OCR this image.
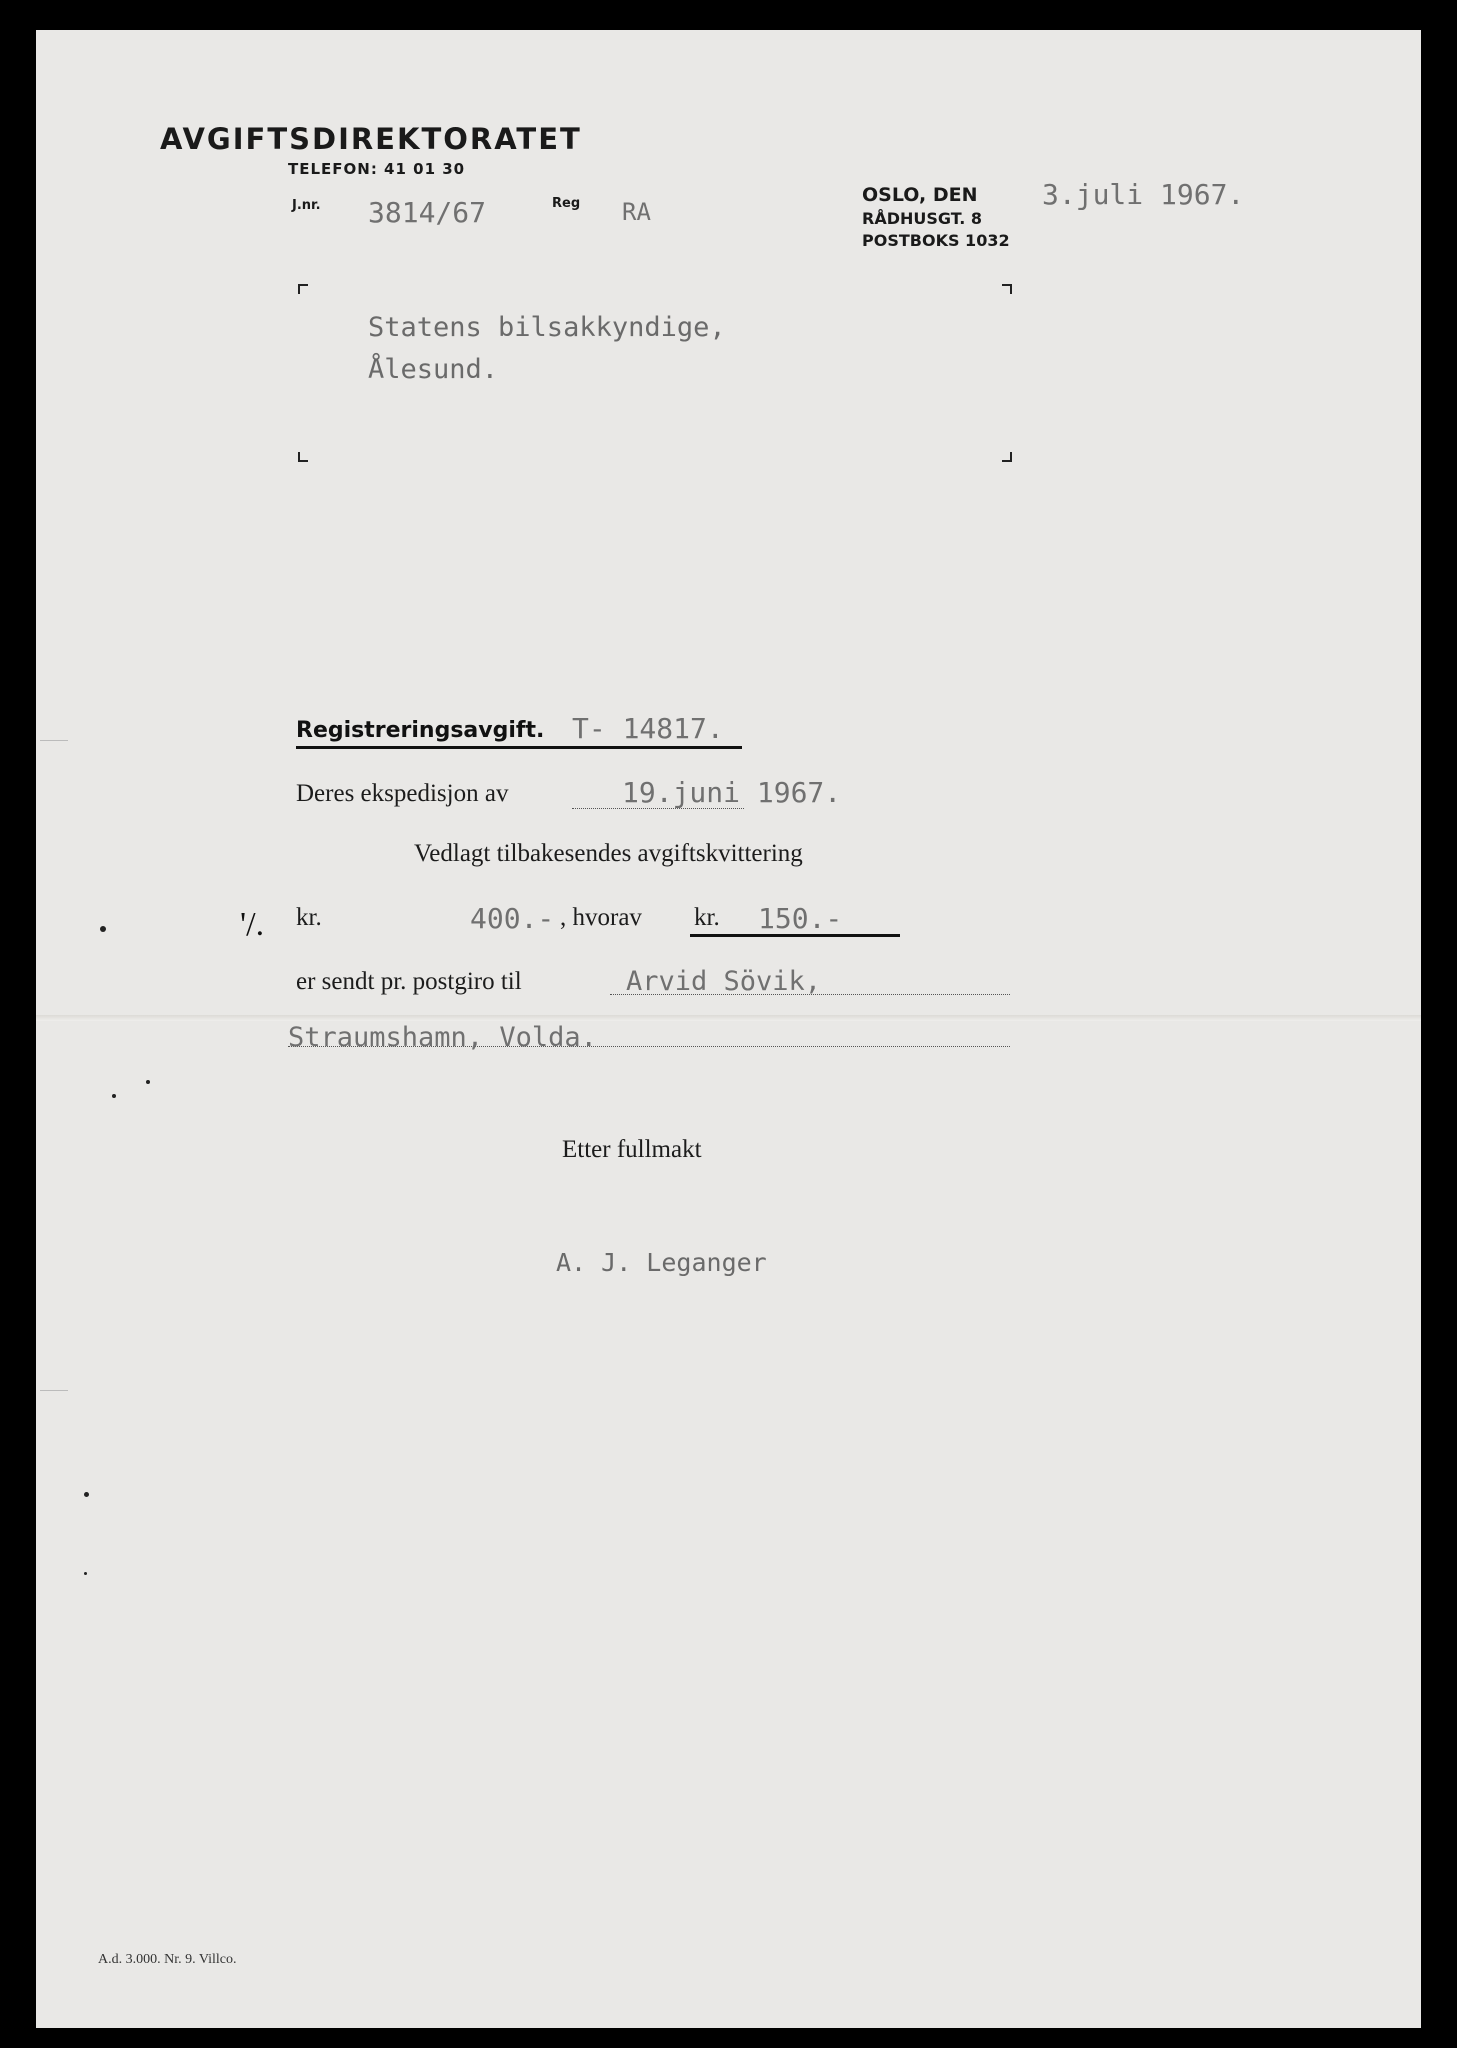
AVGIFTSDIREKTORATET
TELEFON: 41 01 30
J.nr. 3814/67	Reg RA
OSLO, DEN 3.juli 1967.
RÅDHUSGT. 8
POSTBOKS 1032
Statens bilsakkyndige,
Ålesund.
Registreringsavgift. T- 14817.
Deres ekspedisjon av	19.juni 1967.
Vedlagt tilbakesendes avgiftskvittering
'/. kr.	400.- , hvorav kr. 150.-
er sendt pr. postgiro til	Arvid Sövik,
Straumshamn, Volda.
Etter fullmakt
A. J. Leganger
A.d. 3.000. Nr. 9. Villco.
